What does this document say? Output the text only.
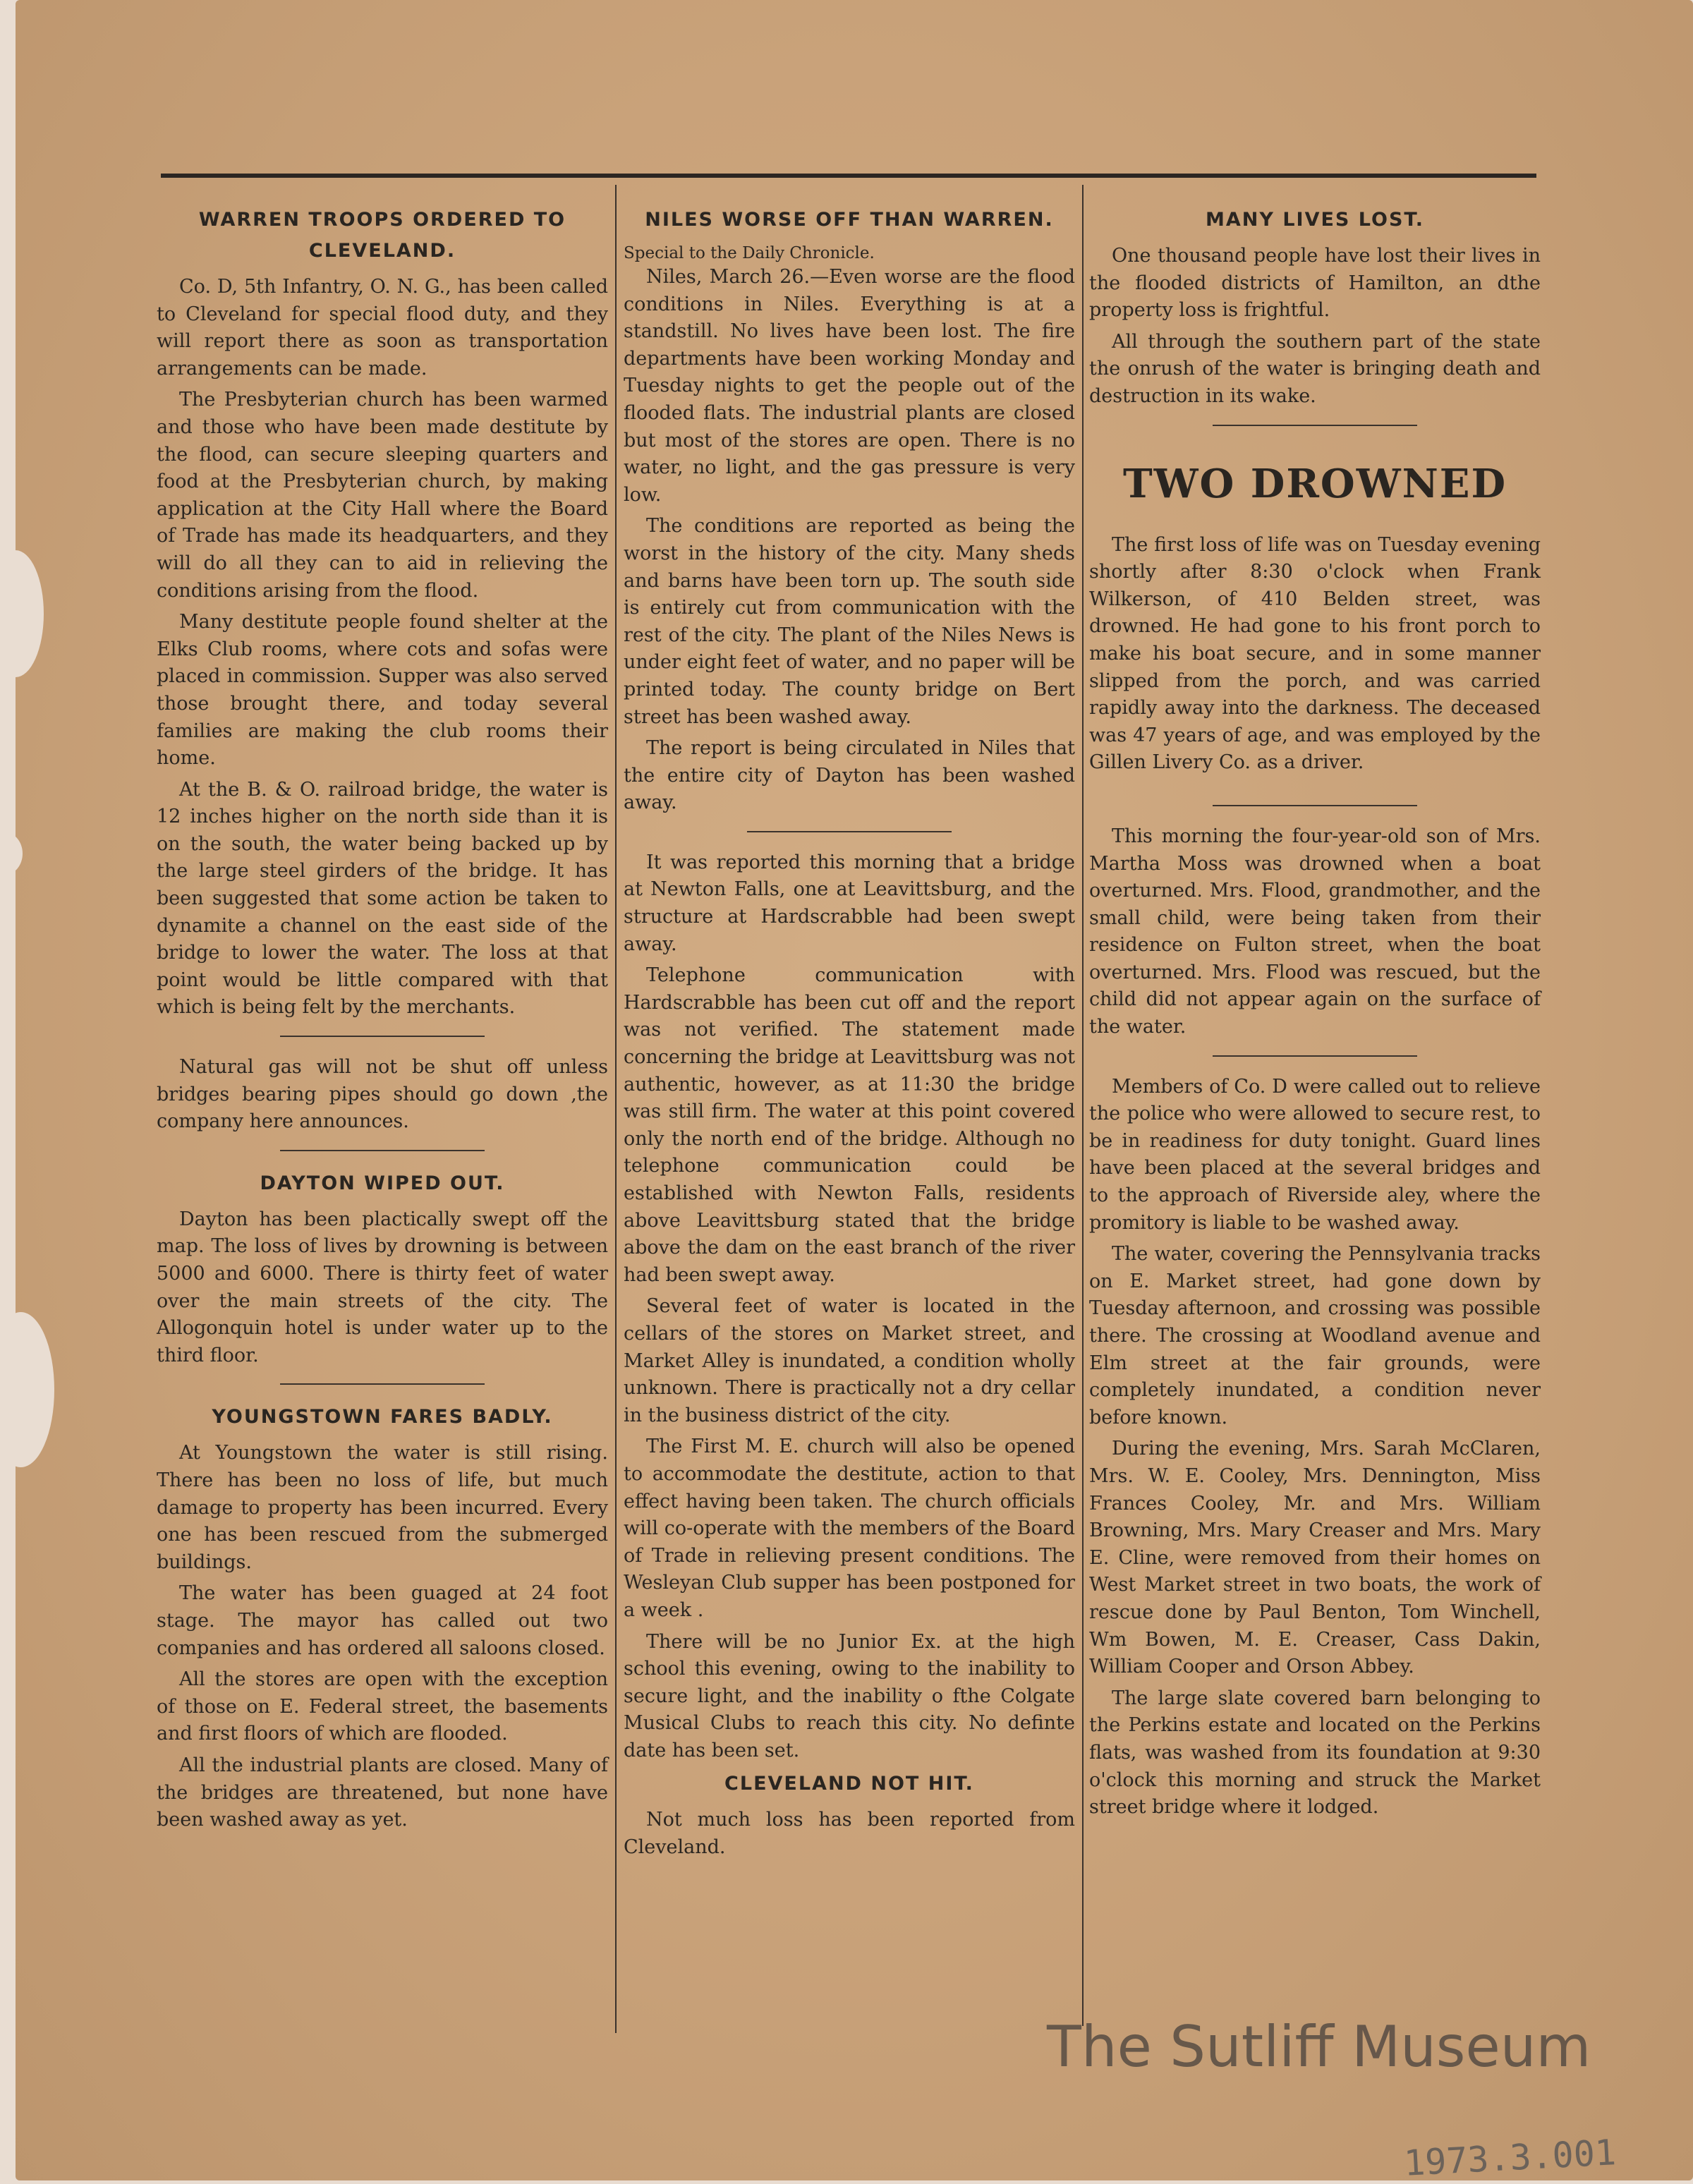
WARREN TROOPS ORDERED TO CLEVELAND.

Co. D, 5th Infantry, O. N. G., has been called to Cleveland for special flood duty, and they will report there as soon as transportation arrangements can be made.

The Presbyterian church has been warmed and those who have been made destitute by the flood, can secure sleeping quarters and food at the Presbyterian church, by making application at the City Hall where the Board of Trade has made its headquarters, and they will do all they can to aid in relieving the conditions arising from the flood.

Many destitute people found shelter at the Elks Club rooms, where cots and sofas were placed in commission. Supper was also served those brought there, and today several families are making the club rooms their home.

At the B. & O. railroad bridge, the water is 12 inches higher on the north side than it is on the south, the water being backed up by the large steel girders of the bridge. It has been suggested that some action be taken to dynamite a channel on the east side of the bridge to lower the water. The loss at that point would be little compared with that which is being felt by the merchants.

Natural gas will not be shut off unless bridges bearing pipes should go down ,the company here announces.

DAYTON WIPED OUT.

Dayton has been plactically swept off the map. The loss of lives by drowning is between 5000 and 6000. There is thirty feet of water over the main streets of the city. The Allogonquin hotel is under water up to the third floor.

YOUNGSTOWN FARES BADLY.

At Youngstown the water is still rising. There has been no loss of life, but much damage to property has been incurred. Every one has been rescued from the submerged buildings.

The water has been guaged at 24 foot stage. The mayor has called out two companies and has ordered all saloons closed.

All the stores are open with the exception of those on E. Federal street, the basements and first floors of which are flooded.

All the industrial plants are closed. Many of the bridges are threatened, but none have been washed away as yet.

NILES WORSE OFF THAN WARREN.

Special to the Daily Chronicle.

Niles, March 26.—Even worse are the flood conditions in Niles. Everything is at a standstill. No lives have been lost. The fire departments have been working Monday and Tuesday nights to get the people out of the flooded flats. The industrial plants are closed but most of the stores are open. There is no water, no light, and the gas pressure is very low.

The conditions are reported as being the worst in the history of the city. Many sheds and barns have been torn up. The south side is entirely cut from communication with the rest of the city. The plant of the Niles News is under eight feet of water, and no paper will be printed today. The county bridge on Bert street has been washed away.

The report is being circulated in Niles that the entire city of Dayton has been washed away.

It was reported this morning that a bridge at Newton Falls, one at Leavittsburg, and the structure at Hardscrabble had been swept away.

Telephone communication with Hardscrabble has been cut off and the report was not verified. The statement made concerning the bridge at Leavittsburg was not authentic, however, as at 11:30 the bridge was still firm. The water at this point covered only the north end of the bridge. Although no telephone communication could be established with Newton Falls, residents above Leavittsburg stated that the bridge above the dam on the east branch of the river had been swept away.

Several feet of water is located in the cellars of the stores on Market street, and Market Alley is inundated, a condition wholly unknown. There is practically not a dry cellar in the business district of the city.

The First M. E. church will also be opened to accommodate the destitute, action to that effect having been taken. The church officials will co-operate with the members of the Board of Trade in relieving present conditions. The Wesleyan Club supper has been postponed for a week .

There will be no Junior Ex. at the high school this evening, owing to the inability to secure light, and the inability o fthe Colgate Musical Clubs to reach this city. No definte date has been set.

CLEVELAND NOT HIT.

Not much loss has been reported from Cleveland.

MANY LIVES LOST.

One thousand people have lost their lives in the flooded districts of Hamilton, an dthe property loss is frightful.

All through the southern part of the state the onrush of the water is bringing death and destruction in its wake.

TWO DROWNED

The first loss of life was on Tuesday evening shortly after 8:30 o'clock when Frank Wilkerson, of 410 Belden street, was drowned. He had gone to his front porch to make his boat secure, and in some manner slipped from the porch, and was carried rapidly away into the darkness. The deceased was 47 years of age, and was employed by the Gillen Livery Co. as a driver.

This morning the four-year-old son of Mrs. Martha Moss was drowned when a boat overturned. Mrs. Flood, grandmother, and the small child, were being taken from their residence on Fulton street, when the boat overturned. Mrs. Flood was rescued, but the child did not appear again on the surface of the water.

Members of Co. D were called out to relieve the police who were allowed to secure rest, to be in readiness for duty tonight. Guard lines have been placed at the several bridges and to the approach of Riverside aley, where the promitory is liable to be washed away.

The water, covering the Pennsylvania tracks on E. Market street, had gone down by Tuesday afternoon, and crossing was possible there. The crossing at Woodland avenue and Elm street at the fair grounds, were completely inundated, a condition never before known.

During the evening, Mrs. Sarah McClaren, Mrs. W. E. Cooley, Mrs. Dennington, Miss Frances Cooley, Mr. and Mrs. William Browning, Mrs. Mary Creaser and Mrs. Mary E. Cline, were removed from their homes on West Market street in two boats, the work of rescue done by Paul Benton, Tom Winchell, Wm Bowen, M. E. Creaser, Cass Dakin, William Cooper and Orson Abbey.

The large slate covered barn belonging to the Perkins estate and located on the Perkins flats, was washed from its foundation at 9:30 o'clock this morning and struck the Market street bridge where it lodged.

The Sutliff Museum
1973.3.001
